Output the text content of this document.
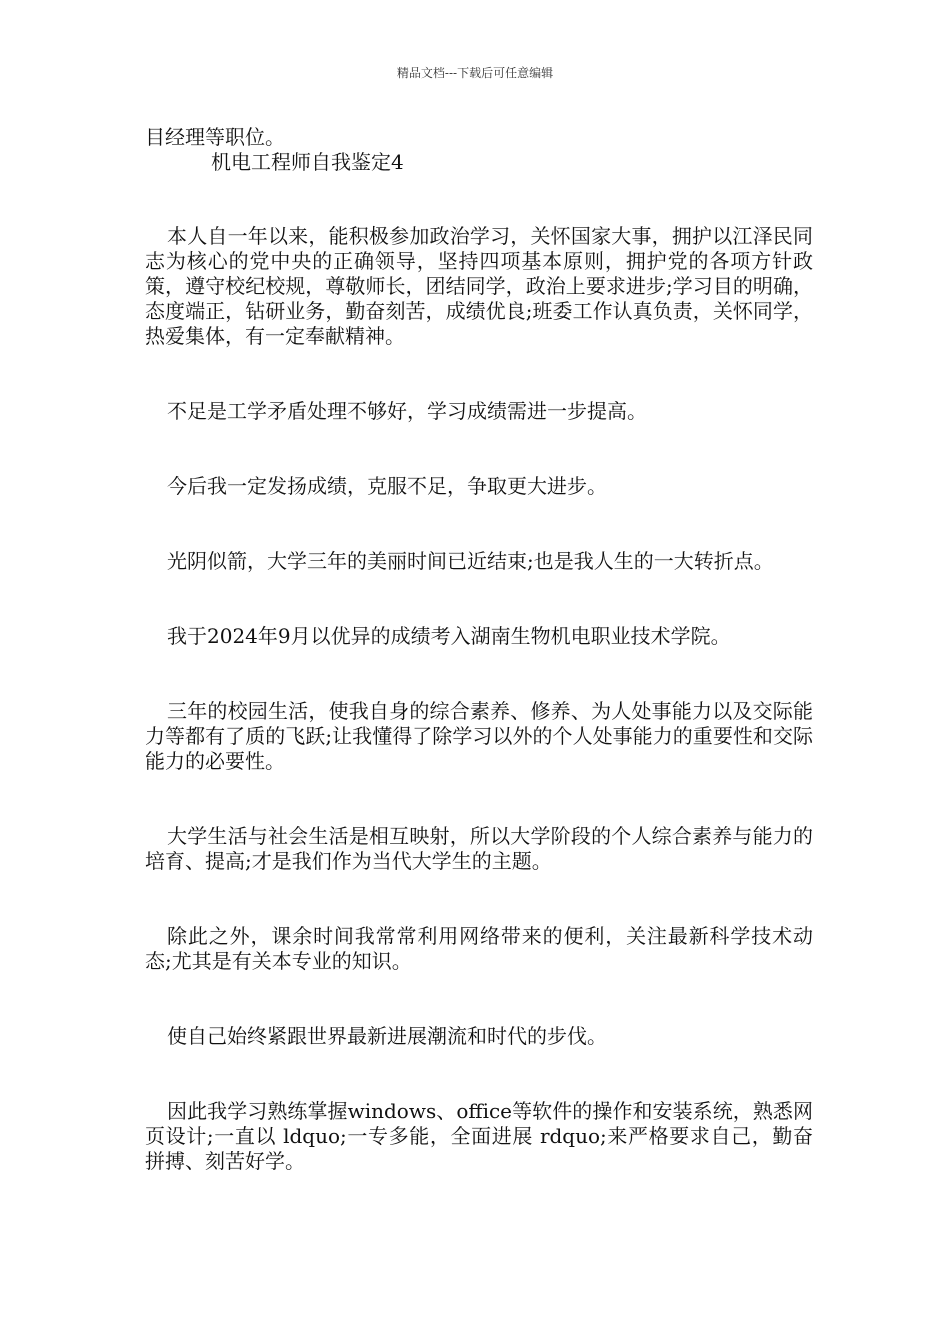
精品文档---下载后可任意编辑

目经理等职位。

机电工程师自我鉴定4

本人自一年以来，能积极参加政治学习，关怀国家大事，拥护以江泽民同志为核心的党中央的正确领导，坚持四项基本原则，拥护党的各项方针政策，遵守校纪校规，尊敬师长，团结同学，政治上要求进步;学习目的明确，态度端正，钻研业务，勤奋刻苦，成绩优良;班委工作认真负责，关怀同学，热爱集体，有一定奉献精神。

不足是工学矛盾处理不够好，学习成绩需进一步提高。

今后我一定发扬成绩，克服不足，争取更大进步。

光阴似箭，大学三年的美丽时间已近结束;也是我人生的一大转折点。

我于2024年9月以优异的成绩考入湖南生物机电职业技术学院。

三年的校园生活，使我自身的综合素养、修养、为人处事能力以及交际能力等都有了质的飞跃;让我懂得了除学习以外的个人处事能力的重要性和交际能力的必要性。

大学生活与社会生活是相互映射，所以大学阶段的个人综合素养与能力的培育、提高;才是我们作为当代大学生的主题。

除此之外，课余时间我常常利用网络带来的便利，关注最新科学技术动态;尤其是有关本专业的知识。

使自己始终紧跟世界最新进展潮流和时代的步伐。

因此我学习熟练掌握windows、office等软件的操作和安装系统，熟悉网页设计;一直以 ldquo;一专多能，全面进展 rdquo;来严格要求自己，勤奋拼搏、刻苦好学。
